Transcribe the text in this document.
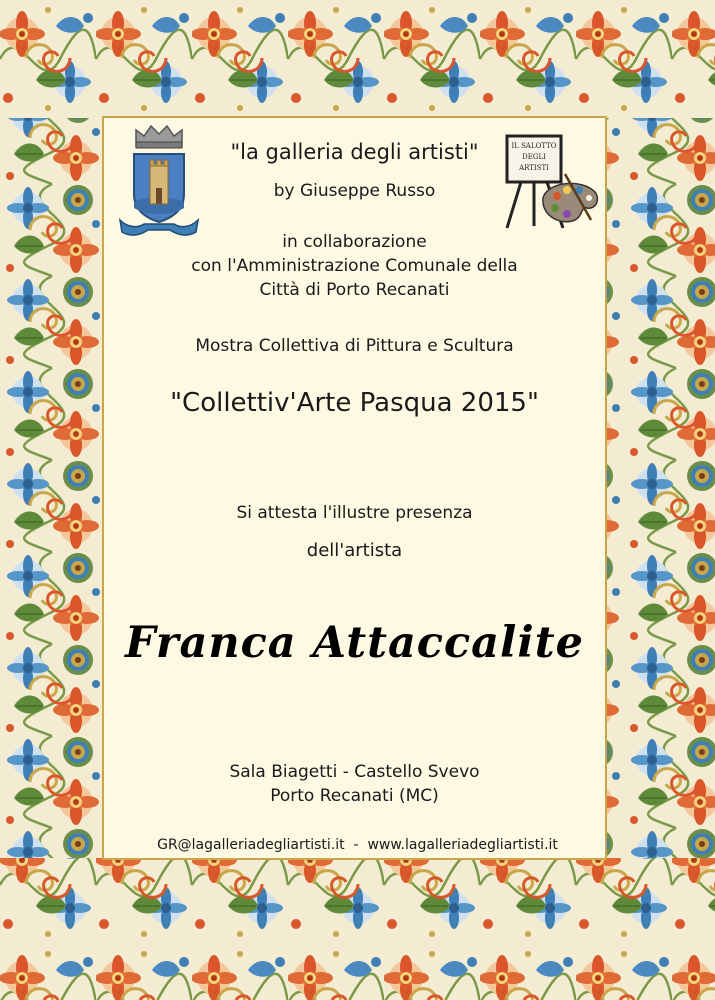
IL SALOTTO
DEGLI
ARTISTI
"la galleria degli artisti"
by Giuseppe Russo
in collaborazione
con l'Amministrazione Comunale della
Città di Porto Recanati
Mostra Collettiva di Pittura e Scultura
"Collettiv'Arte Pasqua 2015"
Si attesta l'illustre presenza
dell'artista
Franca Attaccalite
Sala Biagetti - Castello Svevo
Porto Recanati (MC)
GR@lagalleriadegliartisti.it  -  www.lagalleriadegliartisti.it
